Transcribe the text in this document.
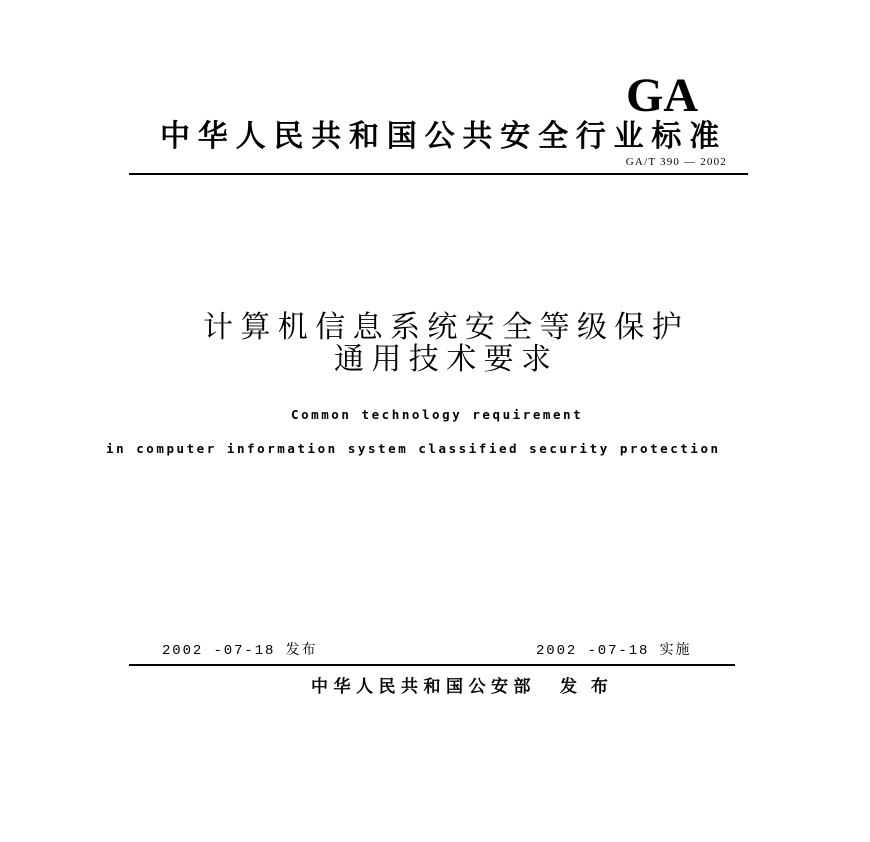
GA
中华人民共和国公共安全行业标准
GA/T 390 — 2002
计算机信息系统安全等级保护
通用技术要求
Common technology requirement
in computer information system classified security protection
2002 -07-18 发布	2002 -07-18 实施
中华人民共和国公安部 发 布
